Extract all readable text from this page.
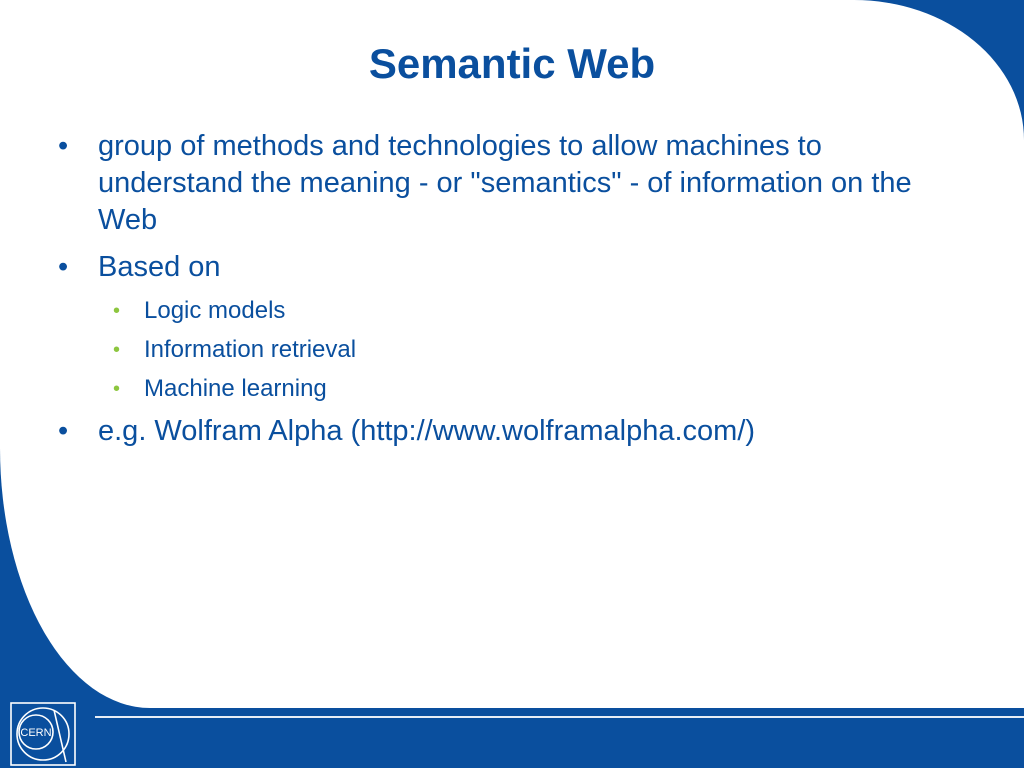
Semantic Web
• group of methods and technologies to allow machines to understand the meaning - or "semantics" - of information on the Web
• Based on
• Logic models
• Information retrieval
• Machine learning
• e.g. Wolfram Alpha (http://www.wolframalpha.com/)
CERN
